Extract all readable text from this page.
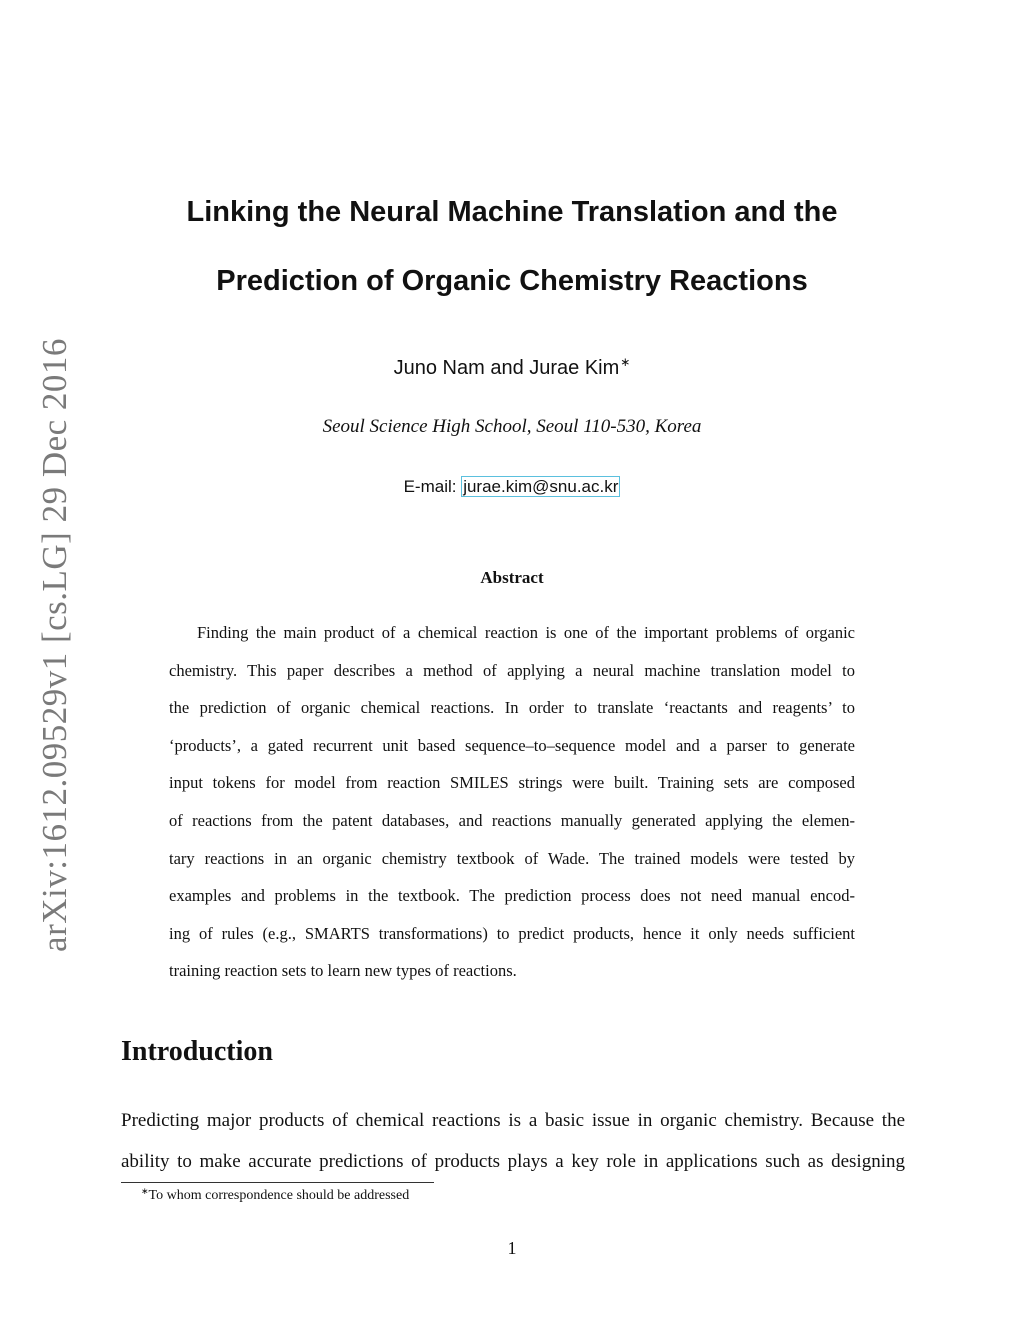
arXiv:1612.09529v1 [cs.LG] 29 Dec 2016
Linking the Neural Machine Translation and the
Prediction of Organic Chemistry Reactions
Juno Nam and Jurae Kim∗
Seoul Science High School, Seoul 110-530, Korea
E-mail: jurae.kim@snu.ac.kr
Abstract
Finding the main product of a chemical reaction is one of the important problems of organic
chemistry. This paper describes a method of applying a neural machine translation model to
the prediction of organic chemical reactions. In order to translate ‘reactants and reagents’ to
‘products’, a gated recurrent unit based sequence–to–sequence model and a parser to generate
input tokens for model from reaction SMILES strings were built. Training sets are composed
of reactions from the patent databases, and reactions manually generated applying the elemen-
tary reactions in an organic chemistry textbook of Wade. The trained models were tested by
examples and problems in the textbook. The prediction process does not need manual encod-
ing of rules (e.g., SMARTS transformations) to predict products, hence it only needs sufficient
training reaction sets to learn new types of reactions.
Introduction
Predicting major products of chemical reactions is a basic issue in organic chemistry. Because the
ability to make accurate predictions of products plays a key role in applications such as designing
∗To whom correspondence should be addressed
1
